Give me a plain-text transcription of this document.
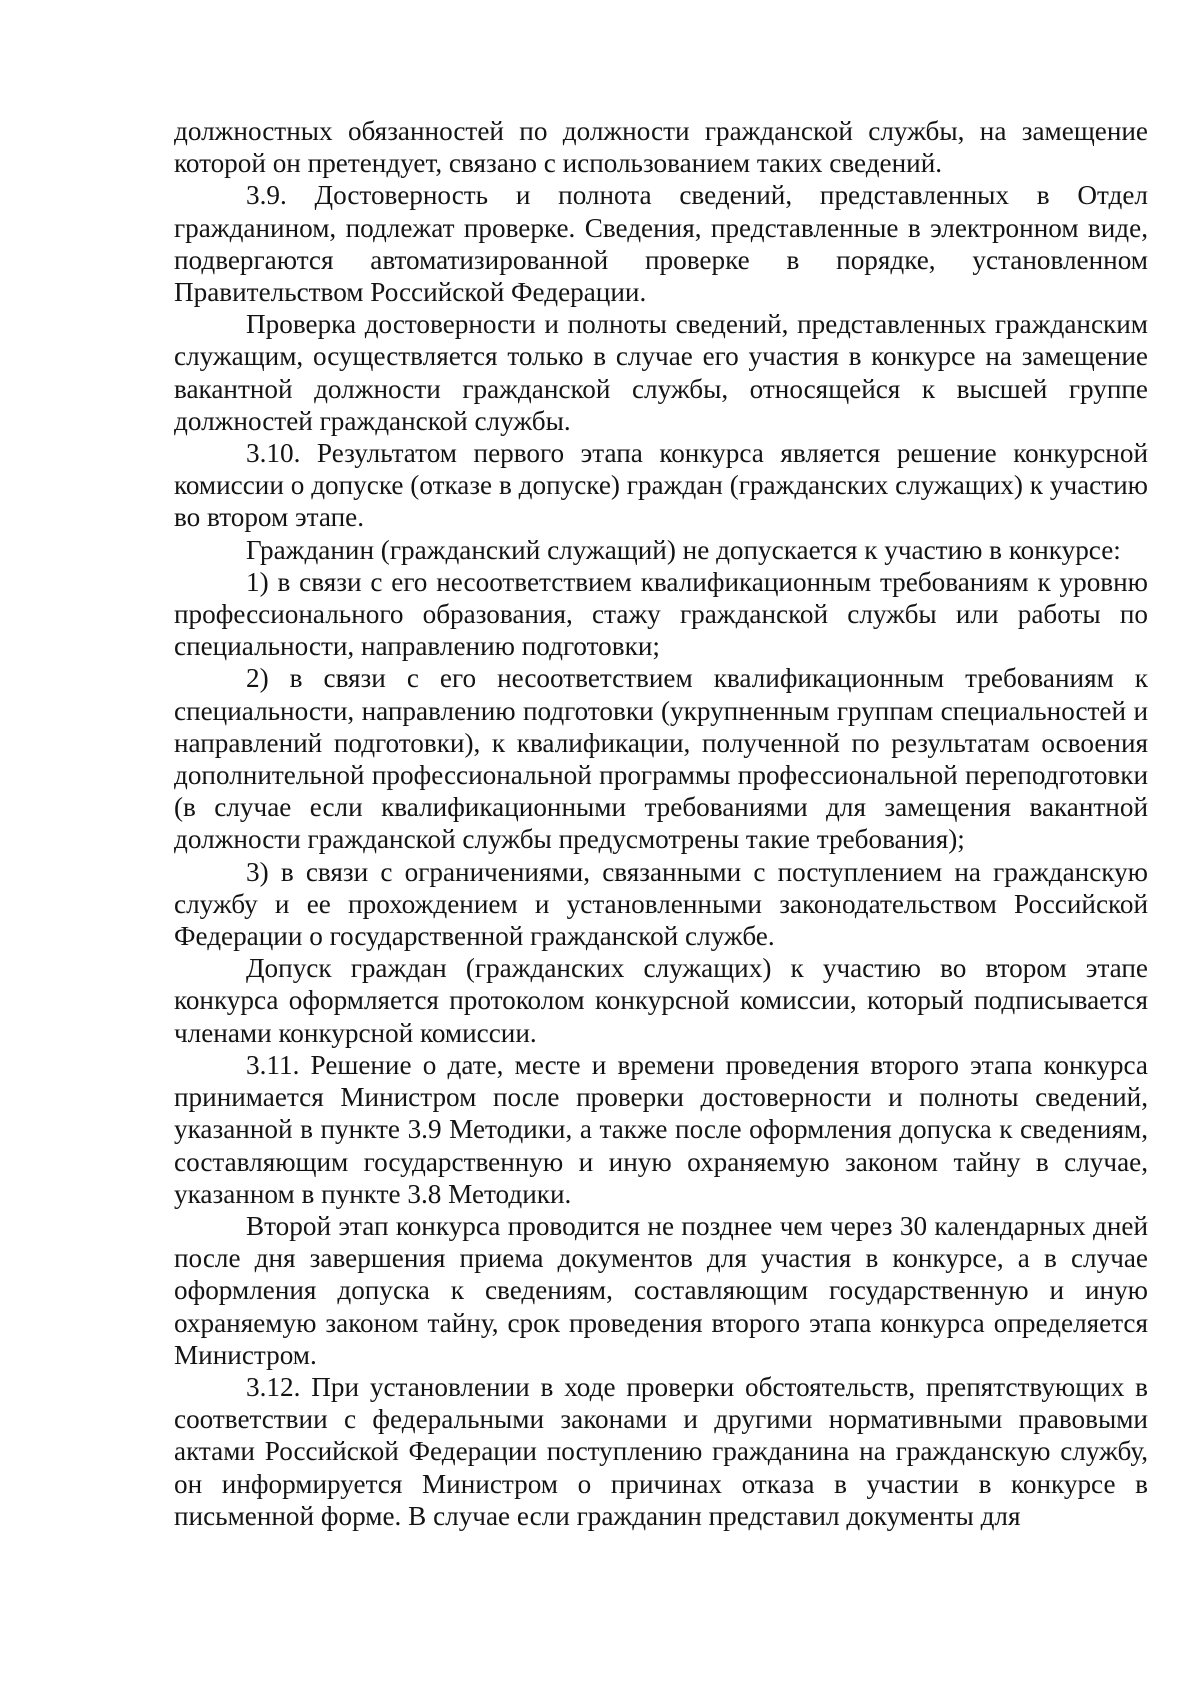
должностных обязанностей по должности гражданской службы, на замещение которой он претендует, связано с использованием таких сведений.

3.9. Достоверность и полнота сведений, представленных в Отдел гражданином, подлежат проверке. Сведения, представленные в электронном виде, подвергаются автоматизированной проверке в порядке, установленном Правительством Российской Федерации.

Проверка достоверности и полноты сведений, представленных гражданским служащим, осуществляется только в случае его участия в конкурсе на замещение вакантной должности гражданской службы, относящейся к высшей группе должностей гражданской службы.

3.10. Результатом первого этапа конкурса является решение конкурсной комиссии о допуске (отказе в допуске) граждан (гражданских служащих) к участию во втором этапе.

Гражданин (гражданский служащий) не допускается к участию в конкурсе:

1) в связи с его несоответствием квалификационным требованиям к уровню профессионального образования, стажу гражданской службы или работы по специальности, направлению подготовки;

2) в связи с его несоответствием квалификационным требованиям к специальности, направлению подготовки (укрупненным группам специальностей и направлений подготовки), к квалификации, полученной по результатам освоения дополнительной профессиональной программы профессиональной переподготовки (в случае если квалификационными требованиями для замещения вакантной должности гражданской службы предусмотрены такие требования);

3) в связи с ограничениями, связанными с поступлением на гражданскую службу и ее прохождением и установленными законодательством Российской Федерации о государственной гражданской службе.

Допуск граждан (гражданских служащих) к участию во втором этапе конкурса оформляется протоколом конкурсной комиссии, который подписывается членами конкурсной комиссии.

3.11. Решение о дате, месте и времени проведения второго этапа конкурса принимается Министром после проверки достоверности и полноты сведений, указанной в пункте 3.9 Методики, а также после оформления допуска к сведениям, составляющим государственную и иную охраняемую законом тайну в случае, указанном в пункте 3.8 Методики.

Второй этап конкурса проводится не позднее чем через 30 календарных дней после дня завершения приема документов для участия в конкурсе, а в случае оформления допуска к сведениям, составляющим государственную и иную охраняемую законом тайну, срок проведения второго этапа конкурса определяется Министром.

3.12. При установлении в ходе проверки обстоятельств, препятствующих в соответствии с федеральными законами и другими нормативными правовыми актами Российской Федерации поступлению гражданина на гражданскую службу, он информируется Министром о причинах отказа в участии в конкурсе в письменной форме. В случае если гражданин представил документы для
